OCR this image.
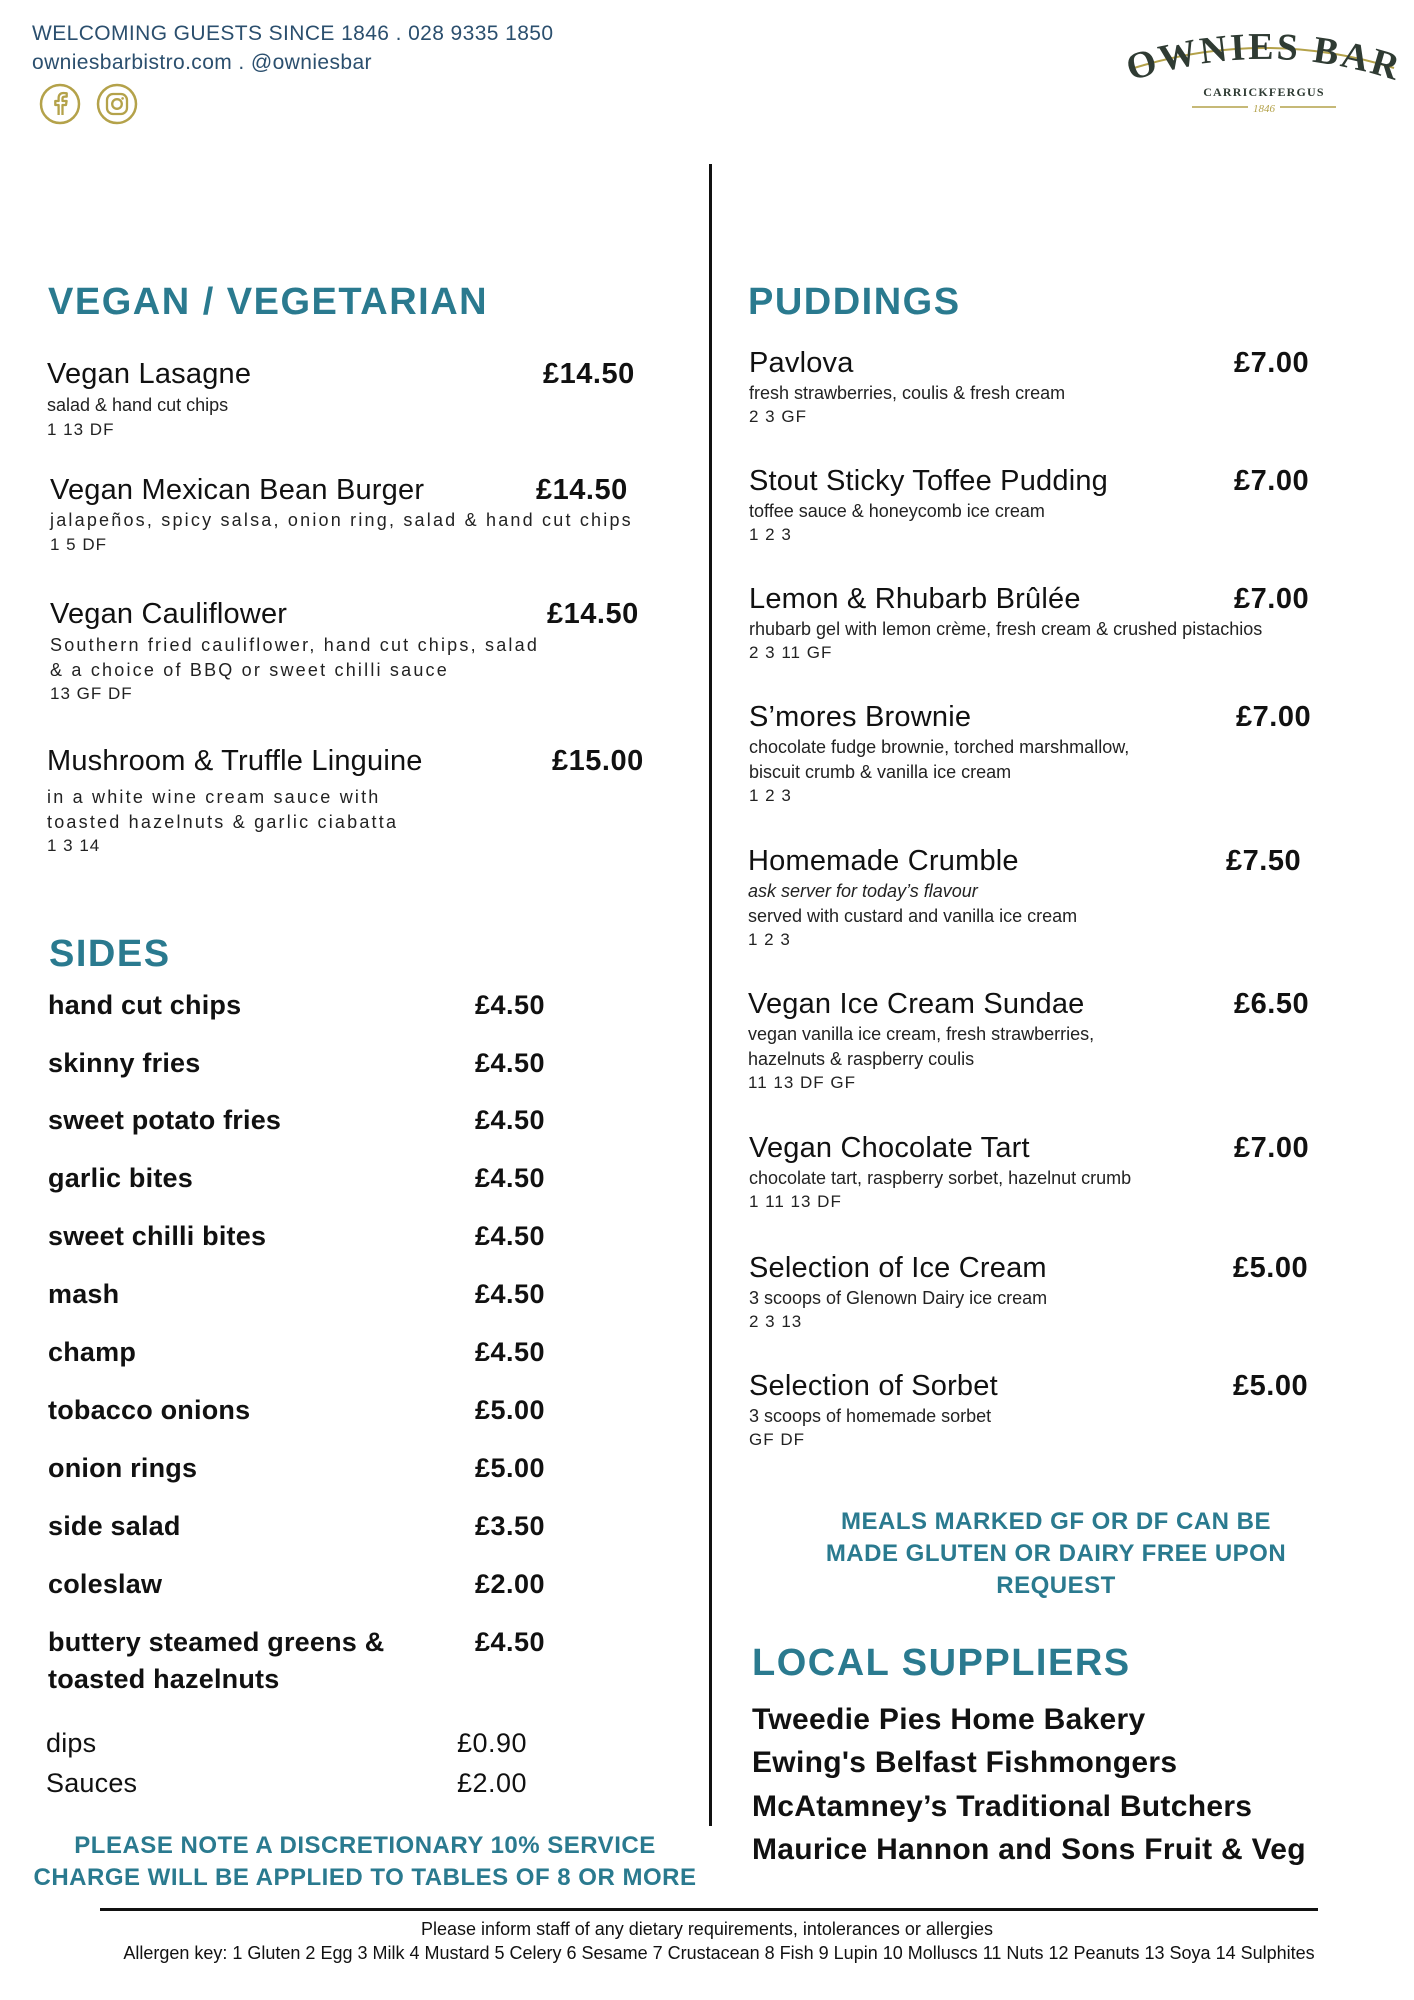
WELCOMING GUESTS SINCE 1846 . 028 9335 1850
owniesbarbistro.com . @owniesbar	WNIES BA
CARRICKFERGUS
1846
VEGAN / VEGETARIAN
Vegan Lasagne	£14.50
salad & hand cut chips
1 13 DF
Vegan Mexican Bean Burger	£14.50
jalapeños, spicy salsa, onion ring, salad & hand cut chips
1 5 DF
Vegan Cauliflower	£14.50
Southern fried cauliflower, hand cut chips, salad
& a choice of BBQ or sweet chilli sauce
13 GF DF
Mushroom & Truffle Linguine	£15.00
in a white wine cream sauce with
toasted hazelnuts & garlic ciabatta
1 3 14
SIDES
hand cut chips	£4.50
skinny fries	£4.50
sweet potato fries	£4.50
garlic bites	£4.50
sweet chilli bites	£4.50
mash	£4.50
champ	£4.50
tobacco onions	£5.00
onion rings	£5.00
side salad	£3.50
coleslaw	£2.00
buttery steamed greens &	£4.50
toasted hazelnuts
dips	£0.90
Sauces	£2.00
PLEASE NOTE A DISCRETIONARY 10% SERVICE
CHARGE WILL BE APPLIED TO TABLES OF 8 OR MORE
PUDDINGS
Pavlova	£7.00
fresh strawberries, coulis & fresh cream
2 3 GF
Stout Sticky Toffee Pudding	£7.00
toffee sauce & honeycomb ice cream
1 2 3
Lemon & Rhubarb Brûlée	£7.00
rhubarb gel with lemon crème, fresh cream & crushed pistachios
2 3 11 GF
S’mores Brownie	£7.00
chocolate fudge brownie, torched marshmallow,
biscuit crumb & vanilla ice cream
1 2 3
Homemade Crumble	£7.50
ask server for today’s flavour
served with custard and vanilla ice cream
1 2 3
Vegan Ice Cream Sundae	£6.50
vegan vanilla ice cream, fresh strawberries,
hazelnuts & raspberry coulis
11 13 DF GF
Vegan Chocolate Tart	£7.00
chocolate tart, raspberry sorbet, hazelnut crumb
1 11 13 DF
Selection of Ice Cream	£5.00
3 scoops of Glenown Dairy ice cream
2 3 13
Selection of Sorbet	£5.00
3 scoops of homemade sorbet
GF DF
MEALS MARKED GF OR DF CAN BE
MADE GLUTEN OR DAIRY FREE UPON
REQUEST
LOCAL SUPPLIERS
Tweedie Pies Home Bakery
Ewing's Belfast Fishmongers
McAtamney’s Traditional Butchers
Maurice Hannon and Sons Fruit & Veg
Please inform staff of any dietary requirements, intolerances or allergies
Allergen key: 1 Gluten 2 Egg 3 Milk 4 Mustard 5 Celery 6 Sesame 7 Crustacean 8 Fish 9 Lupin 10 Molluscs 11 Nuts 12 Peanuts 13 Soya 14 Sulphites
